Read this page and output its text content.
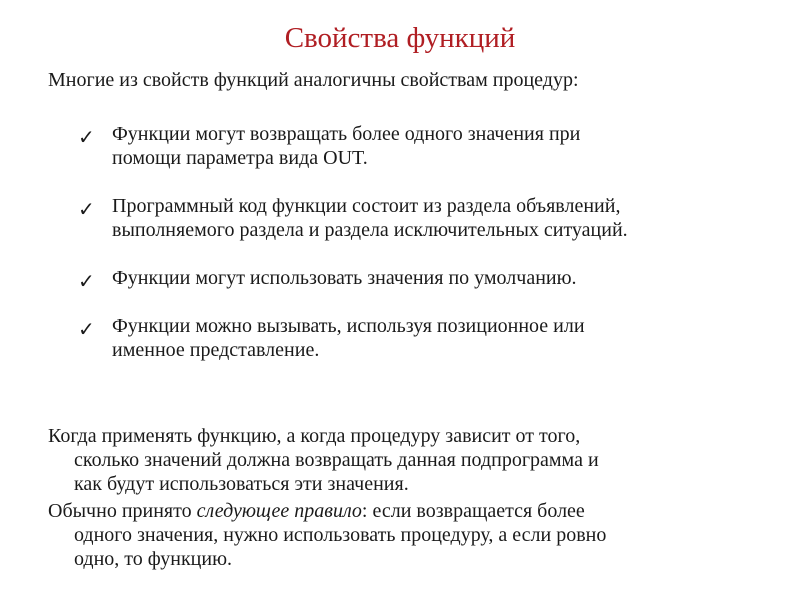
Свойства функций
Многие из свойств функций аналогичны свойствам процедур:
✓ Функции могут возвращать более одного значения при
помощи параметра вида OUT.
✓ Программный код функции состоит из раздела объявлений,
выполняемого раздела и раздела исключительных ситуаций.
✓ Функции могут использовать значения по умолчанию.
✓ Функции можно вызывать, используя позиционное или
именное представление.
Когда применять функцию, а когда процедуру зависит от того,
сколько значений должна возвращать данная подпрограмма и
как будут использоваться эти значения.
Обычно принято следующее правило: если возвращается более
одного значения, нужно использовать процедуру, а если ровно
одно, то функцию.
